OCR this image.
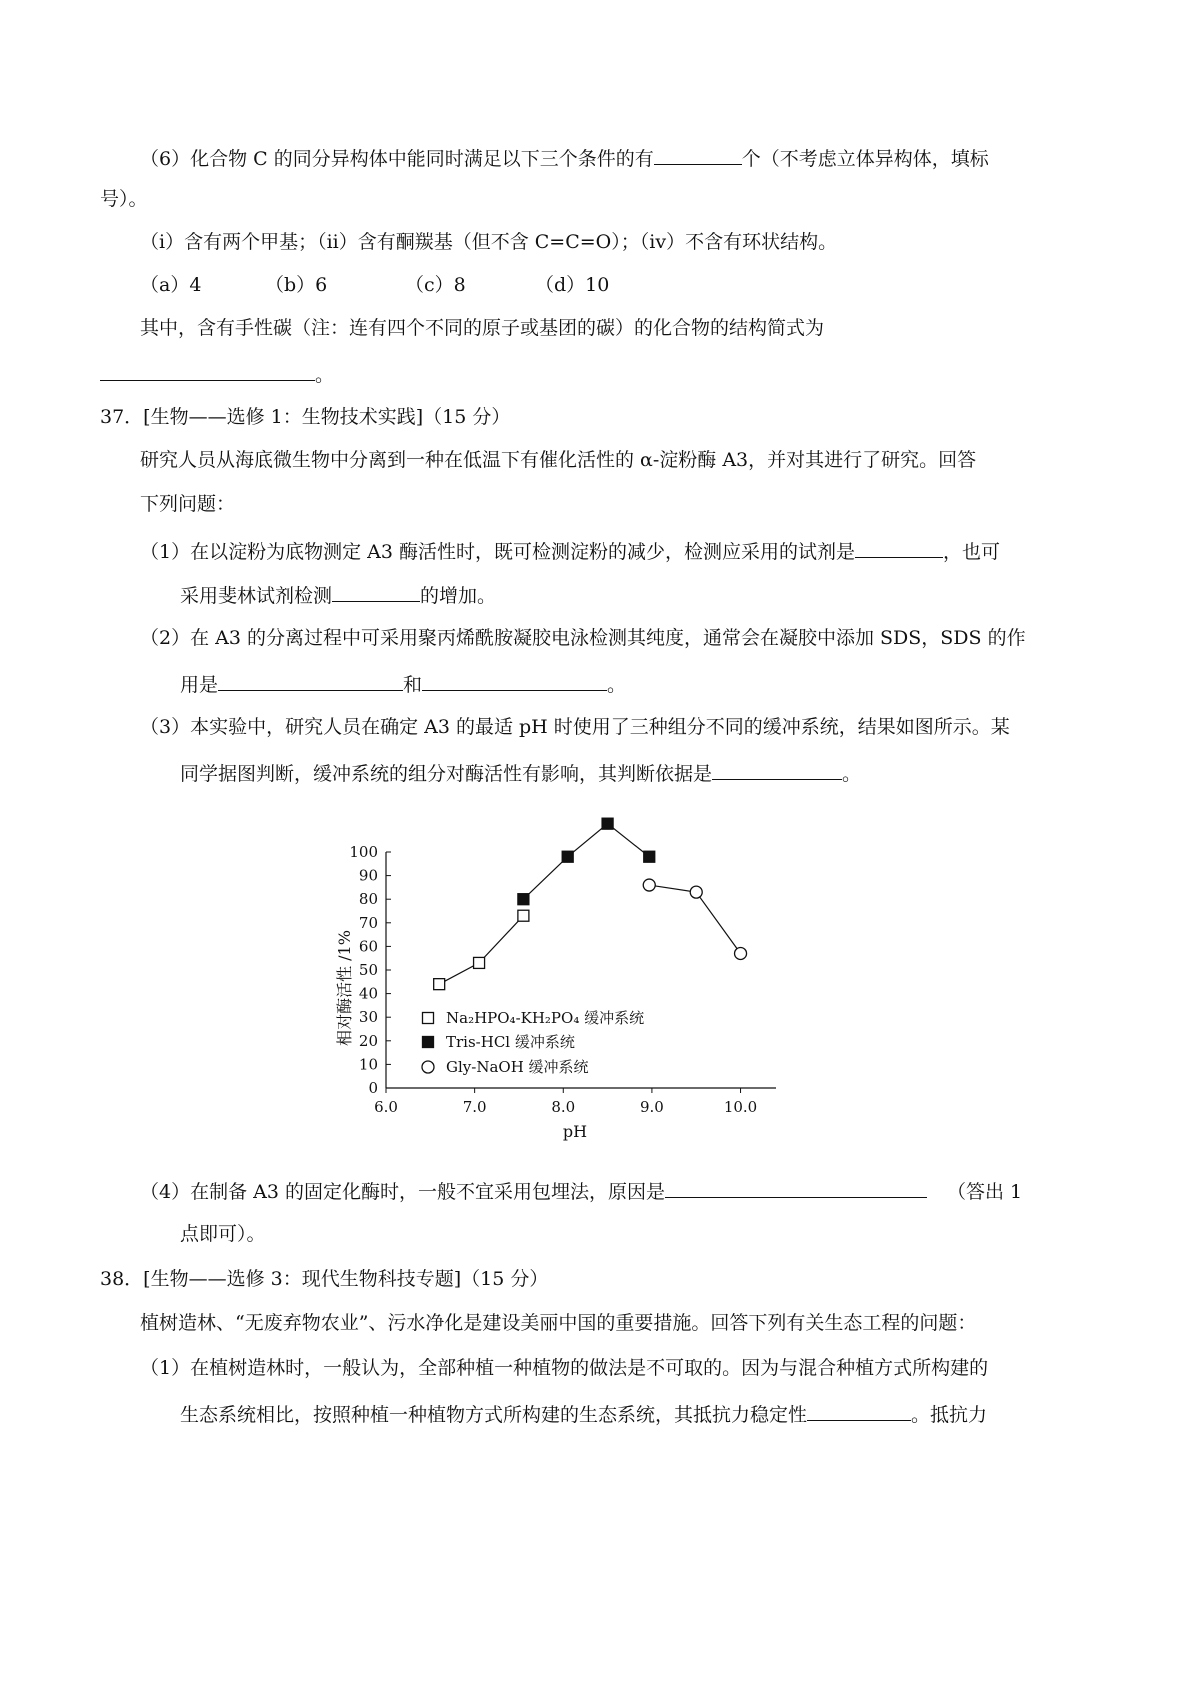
（6）化合物 C 的同分异构体中能同时满足以下三个条件的有	个（不考虑立体异构体，填标
号）。
（i）含有两个甲基；（ii）含有酮羰基（但不含 C=C=O）；（iv）不含有环状结构。
（a）4	（b）6	（c）8	（d）10
其中，含有手性碳（注：连有四个不同的原子或基团的碳）的化合物的结构简式为
。
37．[生物——选修 1：生物技术实践]（15 分）
研究人员从海底微生物中分离到一种在低温下有催化活性的 α-淀粉酶 A3，并对其进行了研究。回答
下列问题：
（1）在以淀粉为底物测定 A3 酶活性时，既可检测淀粉的减少，检测应采用的试剂是	，也可
采用斐林试剂检测	的增加。
（2）在 A3 的分离过程中可采用聚丙烯酰胺凝胶电泳检测其纯度，通常会在凝胶中添加 SDS，SDS 的作
用是	和	。
（3）本实验中，研究人员在确定 A3 的最适 pH 时使用了三种组分不同的缓冲系统，结果如图所示。某
同学据图判断，缓冲系统的组分对酶活性有影响，其判断依据是	。
0
10
20
30
40
50
60
70
80
90
100
6.0	7.0	8.0	9.0	10.0
Na₂HPO₄-KH₂PO₄ 缓冲系统
Tris-HCl 缓冲系统
Gly-NaOH 缓冲系统
pH
相对酶活性 /1%
（4）在制备 A3 的固定化酶时，一般不宜采用包埋法，原因是	（答出 1
点即可）。
38．[生物——选修 3：现代生物科技专题]（15 分）
植树造林、“无废弃物农业”、污水净化是建设美丽中国的重要措施。回答下列有关生态工程的问题：
（1）在植树造林时，一般认为，全部种植一种植物的做法是不可取的。因为与混合种植方式所构建的
生态系统相比，按照种植一种植物方式所构建的生态系统，其抵抗力稳定性	。抵抗力
